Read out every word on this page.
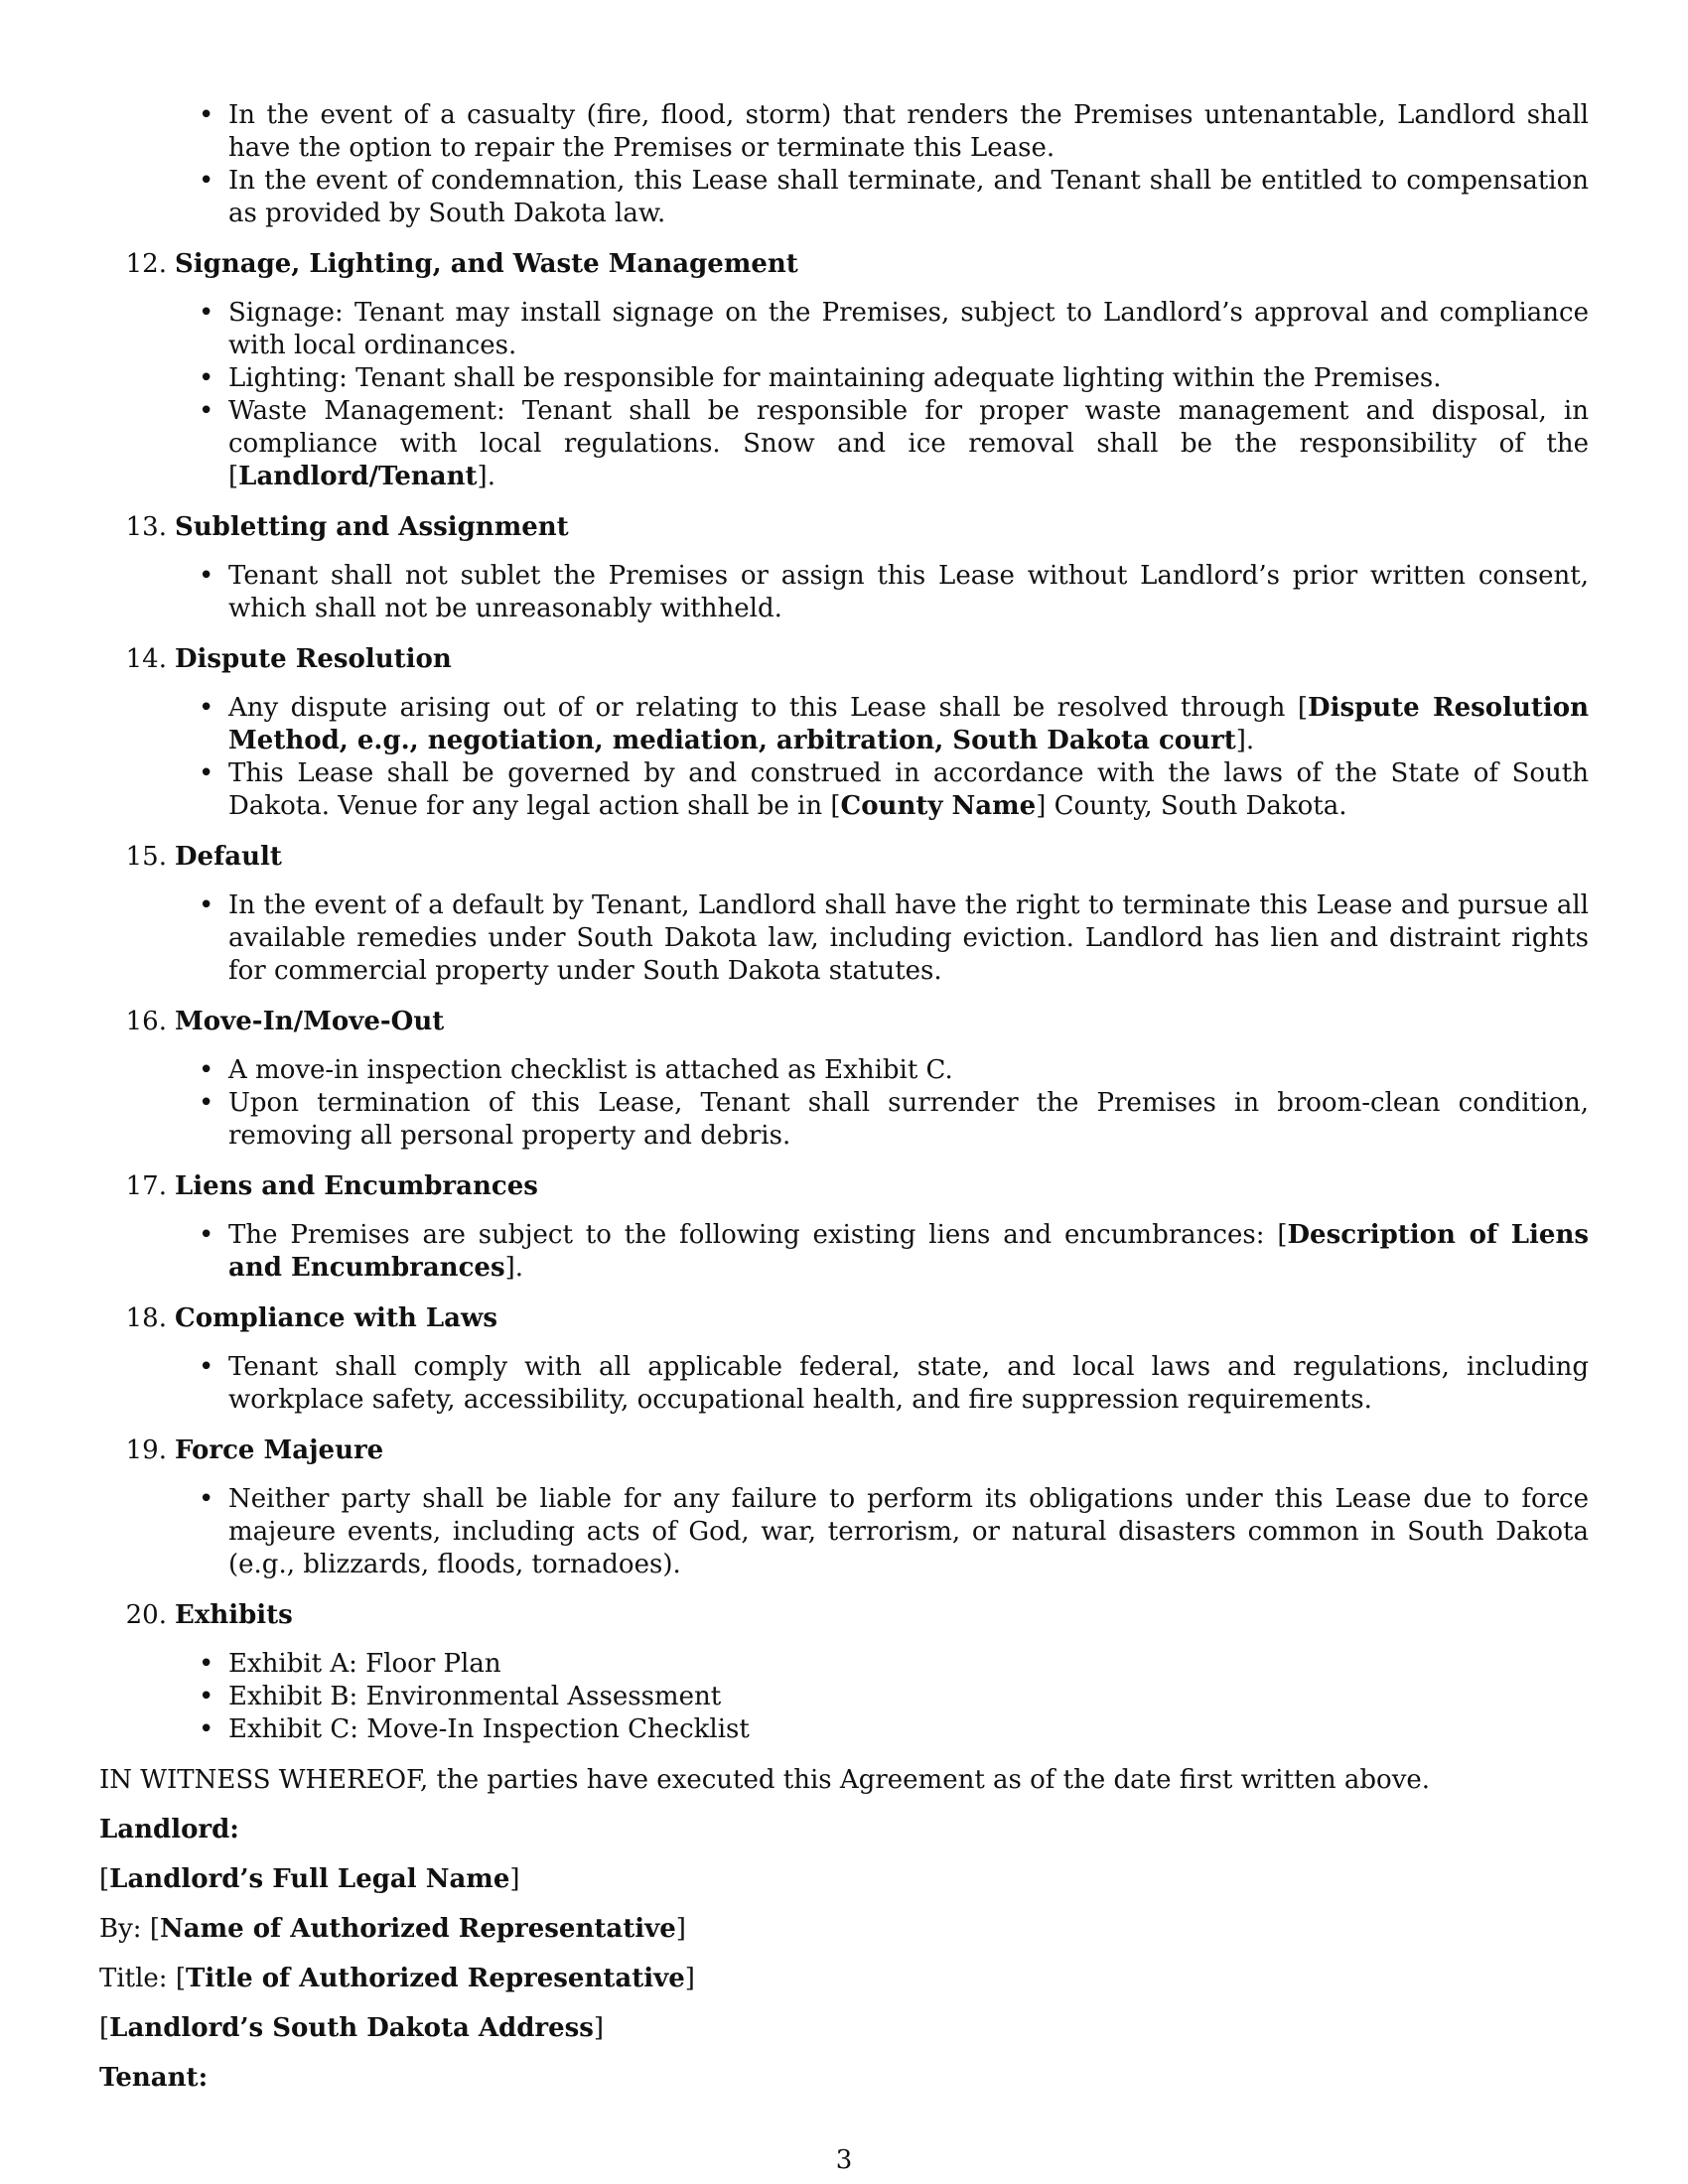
• In the event of a casualty (fire, flood, storm) that renders the Premises untenantable, Landlord shall have the option to repair the Premises or terminate this Lease.
• In the event of condemnation, this Lease shall terminate, and Tenant shall be entitled to compensation as provided by South Dakota law.
12. Signage, Lighting, and Waste Management
• Signage: Tenant may install signage on the Premises, subject to Landlord’s approval and compliance with local ordinances.
• Lighting: Tenant shall be responsible for maintaining adequate lighting within the Premises.
• Waste Management: Tenant shall be responsible for proper waste management and disposal, in compliance with local regulations. Snow and ice removal shall be the responsibility of the [Landlord/Tenant].
13. Subletting and Assignment
• Tenant shall not sublet the Premises or assign this Lease without Landlord’s prior written consent, which shall not be unreasonably withheld.
14. Dispute Resolution
• Any dispute arising out of or relating to this Lease shall be resolved through [Dispute Resolution Method, e.g., negotiation, mediation, arbitration, South Dakota court].
• This Lease shall be governed by and construed in accordance with the laws of the State of South Dakota. Venue for any legal action shall be in [County Name] County, South Dakota.
15. Default
• In the event of a default by Tenant, Landlord shall have the right to terminate this Lease and pursue all available remedies under South Dakota law, including eviction. Landlord has lien and distraint rights for commercial property under South Dakota statutes.
16. Move-In/Move-Out
• A move-in inspection checklist is attached as Exhibit C.
• Upon termination of this Lease, Tenant shall surrender the Premises in broom-clean condition, removing all personal property and debris.
17. Liens and Encumbrances
• The Premises are subject to the following existing liens and encumbrances: [Description of Liens and Encumbrances].
18. Compliance with Laws
• Tenant shall comply with all applicable federal, state, and local laws and regulations, including workplace safety, accessibility, occupational health, and fire suppression requirements.
19. Force Majeure
• Neither party shall be liable for any failure to perform its obligations under this Lease due to force majeure events, including acts of God, war, terrorism, or natural disasters common in South Dakota (e.g., blizzards, floods, tornadoes).
20. Exhibits
• Exhibit A: Floor Plan
• Exhibit B: Environmental Assessment
• Exhibit C: Move-In Inspection Checklist
IN WITNESS WHEREOF, the parties have executed this Agreement as of the date first written above.
Landlord:
[Landlord’s Full Legal Name]
By: [Name of Authorized Representative]
Title: [Title of Authorized Representative]
[Landlord’s South Dakota Address]
Tenant:
3
